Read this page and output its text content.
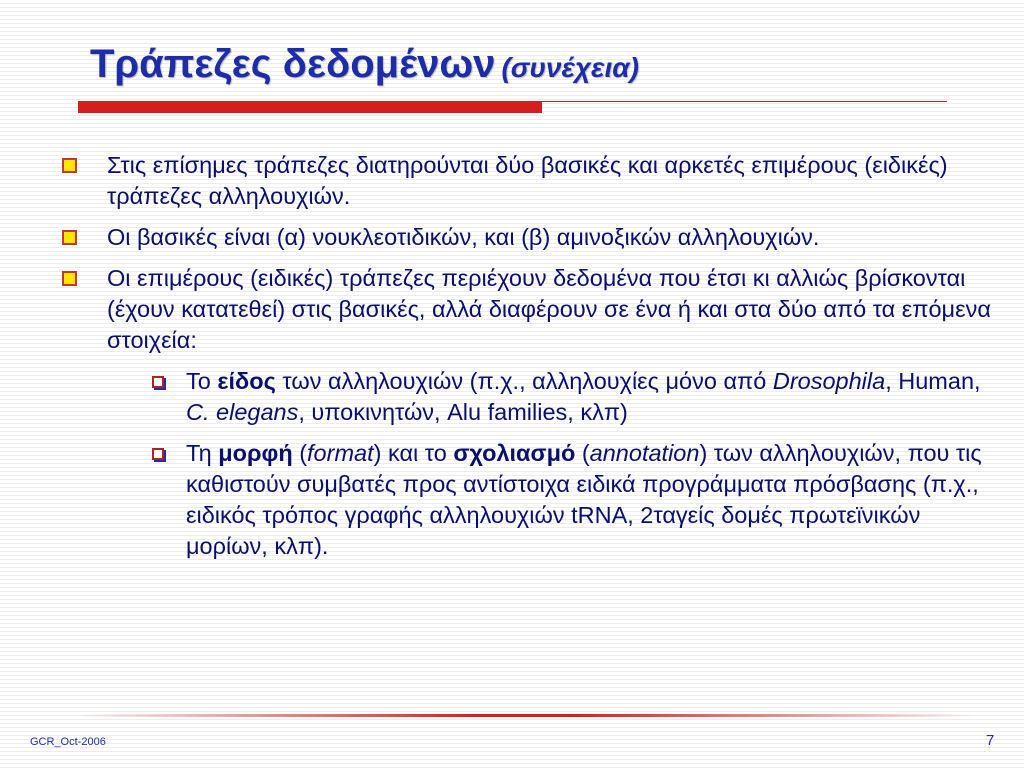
Τράπεζες δεδομένων (συνέχεια)
Στις επίσημες τράπεζες διατηρούνται δύο βασικές και αρκετές επιμέρους (ειδικές) τράπεζες αλληλουχιών.
Οι βασικές είναι (α) νουκλεοτιδικών, και (β) αμινοξικών αλληλουχιών.
Οι επιμέρους (ειδικές) τράπεζες περιέχουν δεδομένα που έτσι κι αλλιώς βρίσκονται (έχουν κατατεθεί) στις βασικές, αλλά διαφέρουν σε ένα ή και στα δύο από τα επόμενα στοιχεία:
Το είδος των αλληλουχιών (π.χ., αλληλουχίες μόνο από Drosophila, Human, C. elegans, υποκινητών, Alu families, κλπ)
Τη μορφή (format) και το σχολιασμό (annotation) των αλληλουχιών, που τις καθιστούν συμβατές προς αντίστοιχα ειδικά προγράμματα πρόσβασης (π.χ., ειδικός τρόπος γραφής αλληλουχιών tRNA, 2ταγείς δομές πρωτεϊνικών μορίων, κλπ).
GCR_Oct-2006	7
